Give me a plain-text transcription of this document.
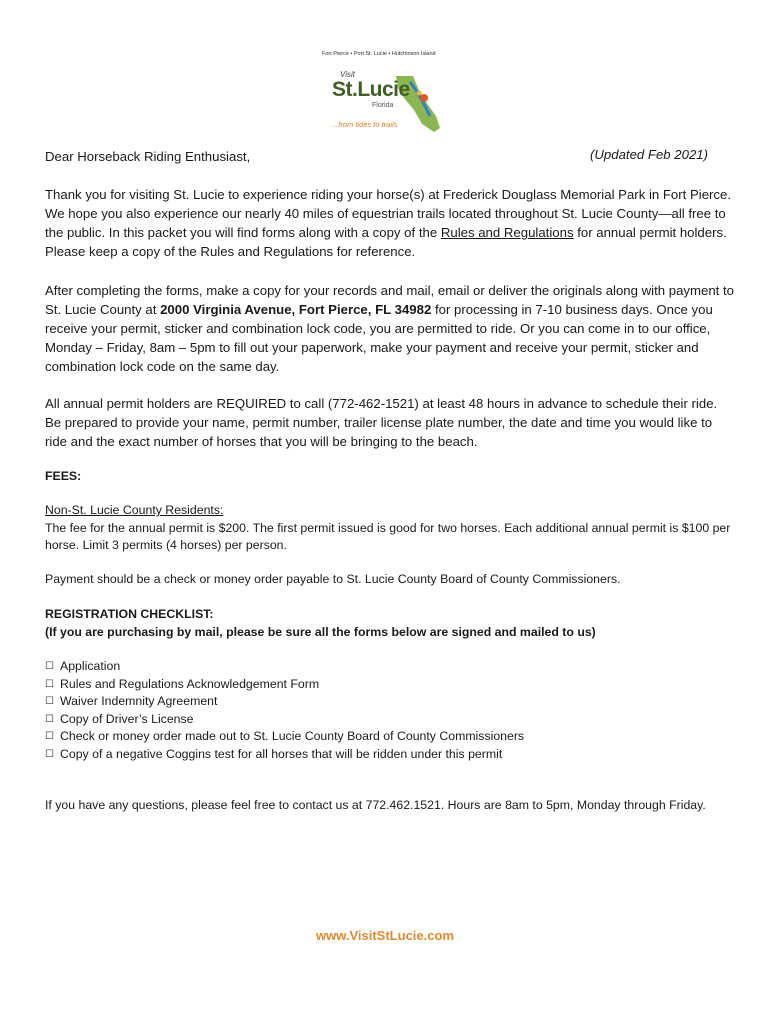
Fort Pierce • Port St. Lucie • Hutchinson Island
Visit
St.Lucie
Florida
...from tides to trails

Dear Horseback Riding Enthusiast,	(Updated Feb 2021)

Thank you for visiting St. Lucie to experience riding your horse(s) at Frederick Douglass Memorial Park in Fort Pierce. We hope you also experience our nearly 40 miles of equestrian trails located throughout St. Lucie County—all free to the public. In this packet you will find forms along with a copy of the Rules and Regulations for annual permit holders. Please keep a copy of the Rules and Regulations for reference.

After completing the forms, make a copy for your records and mail, email or deliver the originals along with payment to St. Lucie County at 2000 Virginia Avenue, Fort Pierce, FL 34982 for processing in 7-10 business days. Once you receive your permit, sticker and combination lock code, you are permitted to ride. Or you can come in to our office, Monday – Friday, 8am – 5pm to fill out your paperwork, make your payment and receive your permit, sticker and combination lock code on the same day.

All annual permit holders are REQUIRED to call (772-462-1521) at least 48 hours in advance to schedule their ride. Be prepared to provide your name, permit number, trailer license plate number, the date and time you would like to ride and the exact number of horses that you will be bringing to the beach.

FEES:

Non-St. Lucie County Residents:
The fee for the annual permit is $200. The first permit issued is good for two horses. Each additional annual permit is $100 per horse. Limit 3 permits (4 horses) per person.

Payment should be a check or money order payable to St. Lucie County Board of County Commissioners.

REGISTRATION CHECKLIST:
(If you are purchasing by mail, please be sure all the forms below are signed and mailed to us)
☐ Application
☐ Rules and Regulations Acknowledgement Form
☐ Waiver Indemnity Agreement
☐ Copy of Driver’s License
☐ Check or money order made out to St. Lucie County Board of County Commissioners
☐ Copy of a negative Coggins test for all horses that will be ridden under this permit

If you have any questions, please feel free to contact us at 772.462.1521. Hours are 8am to 5pm, Monday through Friday.

www.VisitStLucie.com
